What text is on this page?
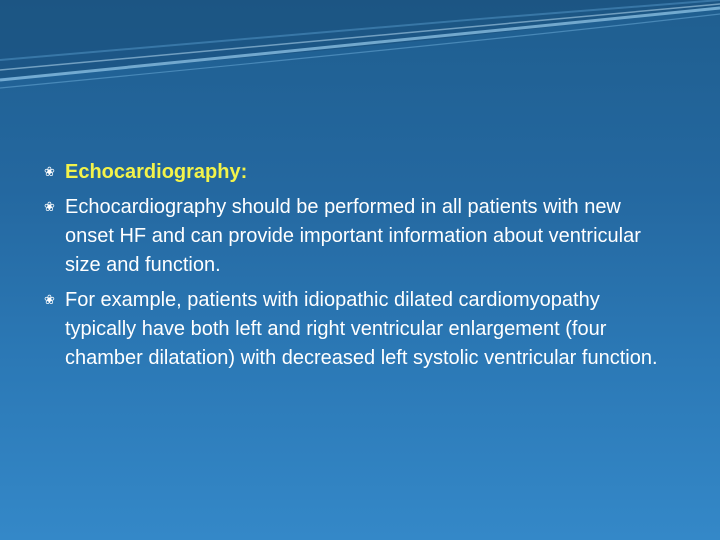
❀ Echocardiography:
❀ Echocardiography should be performed in all patients with new onset HF and can provide important information about ventricular size and function.
❀ For example, patients with idiopathic dilated cardiomyopathy typically have both left and right ventricular enlargement (four chamber dilatation) with decreased left systolic ventricular function.
